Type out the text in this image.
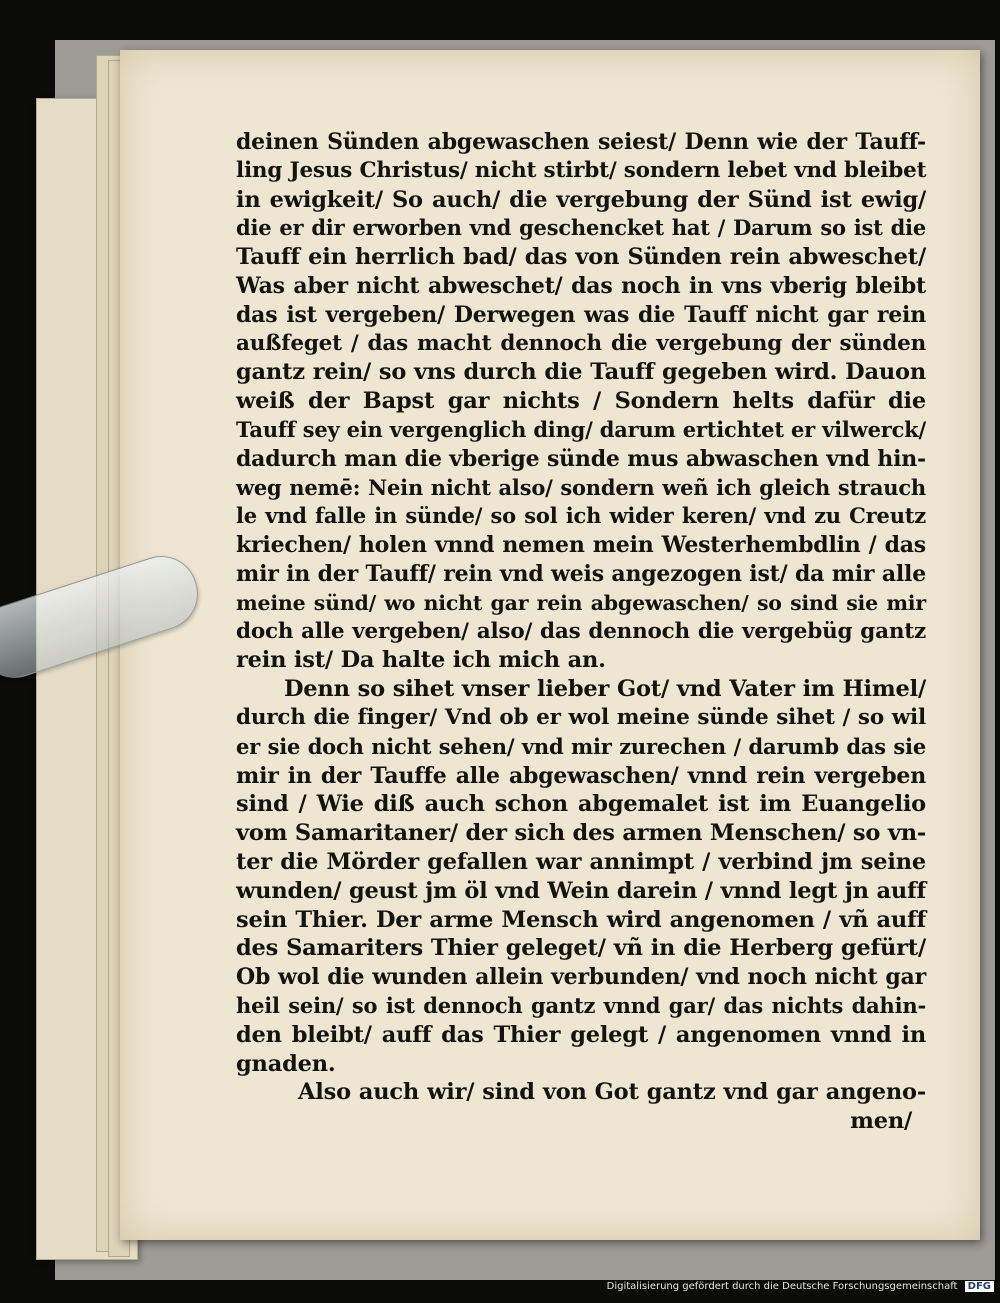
deinen Sünden abgewaschen seiest/ Denn wie der Tauff-
ling Jesus Christus/ nicht stirbt/ sondern lebet vnd bleibet
in ewigkeit/ So auch/ die vergebung der Sünd ist ewig/
die er dir erworben vnd geschencket hat / Darum so ist die
Tauff ein herrlich bad/ das von Sünden rein abweschet/
Was aber nicht abweschet/ das noch in vns vberig bleibt
das ist vergeben/ Derwegen was die Tauff nicht gar rein
außfeget / das macht dennoch die vergebung der sünden
gantz rein/ so vns durch die Tauff gegeben wird. Dauon
weiß der Bapst gar nichts / Sondern helts dafür die
Tauff sey ein vergenglich ding/ darum ertichtet er vilwerck/
dadurch man die vberige sünde mus abwaschen vnd hin-
weg nemē: Nein nicht also/ sondern weñ ich gleich strauch
le vnd falle in sünde/ so sol ich wider keren/ vnd zu Creutz
kriechen/ holen vnnd nemen mein Westerhembdlin / das
mir in der Tauff/ rein vnd weis angezogen ist/ da mir alle
meine sünd/ wo nicht gar rein abgewaschen/ so sind sie mir
doch alle vergeben/ also/ das dennoch die vergebüg gantz
rein ist/ Da halte ich mich an.
Denn so sihet vnser lieber Got/ vnd Vater im Himel/
durch die finger/ Vnd ob er wol meine sünde sihet / so wil
er sie doch nicht sehen/ vnd mir zurechen / darumb das sie
mir in der Tauffe alle abgewaschen/ vnnd rein vergeben
sind / Wie diß auch schon abgemalet ist im Euangelio
vom Samaritaner/ der sich des armen Menschen/ so vn-
ter die Mörder gefallen war annimpt / verbind jm seine
wunden/ geust jm öl vnd Wein darein / vnnd legt jn auff
sein Thier. Der arme Mensch wird angenomen / vñ auff
des Samariters Thier geleget/ vñ in die Herberg gefürt/
Ob wol die wunden allein verbunden/ vnd noch nicht gar
heil sein/ so ist dennoch gantz vnnd gar/ das nichts dahin-
den bleibt/ auff das Thier gelegt / angenomen vnnd in
gnaden.
Also auch wir/ sind von Got gantz vnd gar angeno-
men/
Digitalisierung gefördert durch die Deutsche Forschungsgemeinschaft DFG
